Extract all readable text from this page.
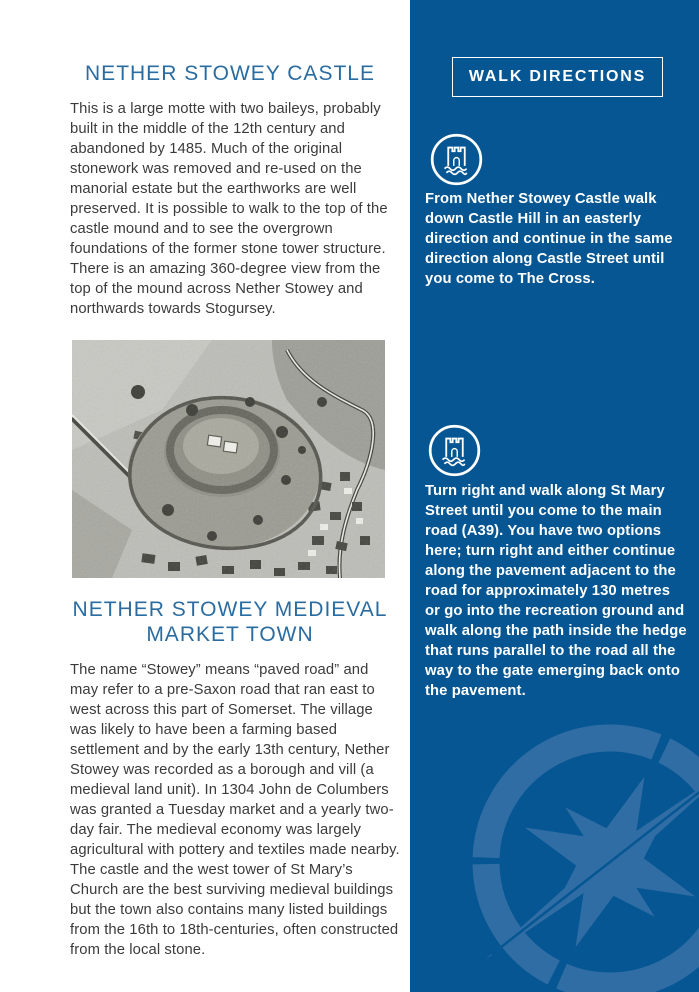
NETHER STOWEY CASTLE

This is a large motte with two baileys, probably built in the middle of the 12th century and abandoned by 1485. Much of the original stonework was removed and re-used on the manorial estate but the earthworks are well preserved. It is possible to walk to the top of the castle mound and to see the overgrown foundations of the former stone tower structure. There is an amazing 360-degree view from the top of the mound across Nether Stowey and northwards towards Stogursey.

NETHER STOWEY MEDIEVAL MARKET TOWN

The name “Stowey” means “paved road” and may refer to a pre-Saxon road that ran east to west across this part of Somerset. The village was likely to have been a farming based settlement and by the early 13th century, Nether Stowey was recorded as a borough and vill (a medieval land unit). In 1304 John de Columbers was granted a Tuesday market and a yearly two-day fair. The medieval economy was largely agricultural with pottery and textiles made nearby. The castle and the west tower of St Mary’s Church are the best surviving medieval buildings but the town also contains many listed buildings from the 16th to 18th-centuries, often constructed from the local stone.

WALK DIRECTIONS

From Nether Stowey Castle walk down Castle Hill in an easterly direction and continue in the same direction along Castle Street until you come to The Cross.

Turn right and walk along St Mary Street until you come to the main road (A39). You have two options here; turn right and either continue along the pavement adjacent to the road for approximately 130 metres or go into the recreation ground and walk along the path inside the hedge that runs parallel to the road all the way to the gate emerging back onto the pavement.
